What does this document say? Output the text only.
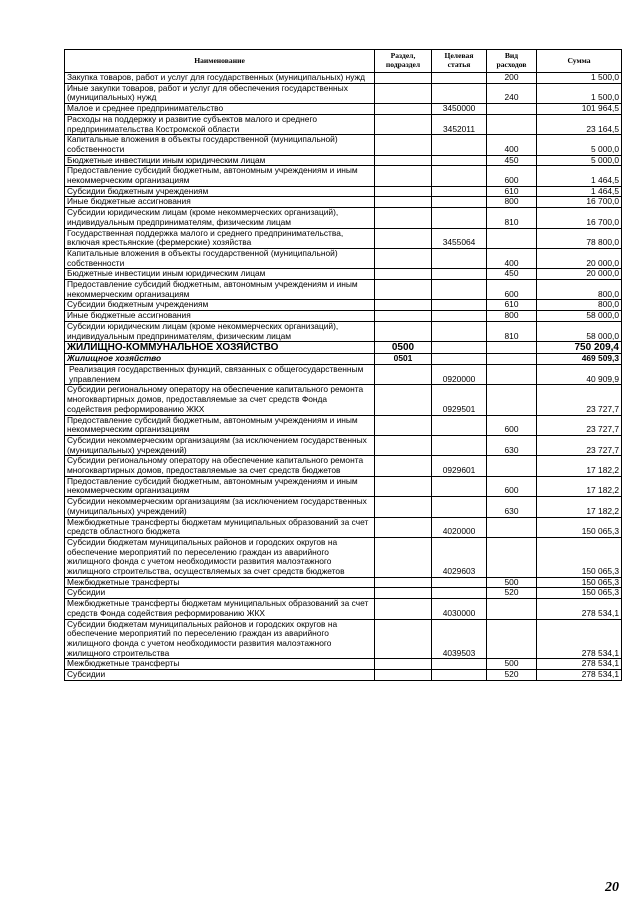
Наименование	Раздел, подраздел	Целевая статья	Вид расходов	Сумма
Закупка товаров, работ и услуг для государственных (муниципальных) нужд			200	1 500,0
Иные закупки товаров, работ и услуг для обеспечения государственных (муниципальных) нужд			240	1 500,0
Малое и среднее предпринимательство		3450000		101 964,5
Расходы на поддержку и развитие субъектов малого и среднего предпринимательства Костромской области		3452011		23 164,5
Капитальные вложения в объекты государственной (муниципальной) собственности			400	5 000,0
Бюджетные инвестиции иным юридическим лицам			450	5 000,0
Предоставление субсидий бюджетным, автономным учреждениям и иным некоммерческим организациям			600	1 464,5
Субсидии бюджетным учреждениям			610	1 464,5
Иные бюджетные ассигнования			800	16 700,0
Субсидии юридическим лицам (кроме некоммерческих организаций), индивидуальным предпринимателям, физическим лицам			810	16 700,0
Государственная поддержка малого и среднего предпринимательства, включая крестьянские (фермерские) хозяйства		3455064		78 800,0
Капитальные вложения в объекты государственной (муниципальной) собственности			400	20 000,0
Бюджетные инвестиции иным юридическим лицам			450	20 000,0
Предоставление субсидий бюджетным, автономным учреждениям и иным некоммерческим организациям			600	800,0
Субсидии бюджетным учреждениям			610	800,0
Иные бюджетные ассигнования			800	58 000,0
Субсидии юридическим лицам (кроме некоммерческих организаций), индивидуальным предпринимателям, физическим лицам			810	58 000,0
ЖИЛИЩНО-КОММУНАЛЬНОЕ ХОЗЯЙСТВО	0500			750 209,4
Жилищное хозяйство	0501			469 509,3
Реализация государственных функций, связанных с общегосударственным управлением		0920000		40 909,9
Субсидии региональному оператору на обеспечение капитального ремонта многоквартирных домов, предоставляемые за счет средств Фонда содействия реформированию ЖКХ		0929501		23 727,7
Предоставление субсидий бюджетным, автономным учреждениям и иным некоммерческим организациям			600	23 727,7
Субсидии некоммерческим организациям (за исключением государственных (муниципальных) учреждений)			630	23 727,7
Субсидии региональному оператору на обеспечение капитального ремонта многоквартирных домов, предоставляемые за счет средств бюджетов		0929601		17 182,2
Предоставление субсидий бюджетным, автономным учреждениям и иным некоммерческим организациям			600	17 182,2
Субсидии некоммерческим организациям (за исключением государственных (муниципальных) учреждений)			630	17 182,2
Межбюджетные трансферты бюджетам муниципальных образований за счет средств областного бюджета		4020000		150 065,3
Субсидии бюджетам муниципальных районов и городских округов на обеспечение мероприятий по переселению граждан из аварийного жилищного фонда с учетом необходимости развития малоэтажного жилищного строительства, осуществляемых за счет средств бюджетов		4029603		150 065,3
Межбюджетные трансферты			500	150 065,3
Субсидии			520	150 065,3
Межбюджетные трансферты бюджетам муниципальных образований за счет средств Фонда содействия реформированию ЖКХ		4030000		278 534,1
Субсидии бюджетам муниципальных районов и городских округов на обеспечение мероприятий по переселению граждан из аварийного жилищного фонда с учетом необходимости развития малоэтажного жилищного строительства		4039503		278 534,1
Межбюджетные трансферты			500	278 534,1
Субсидии			520	278 534,1
20
